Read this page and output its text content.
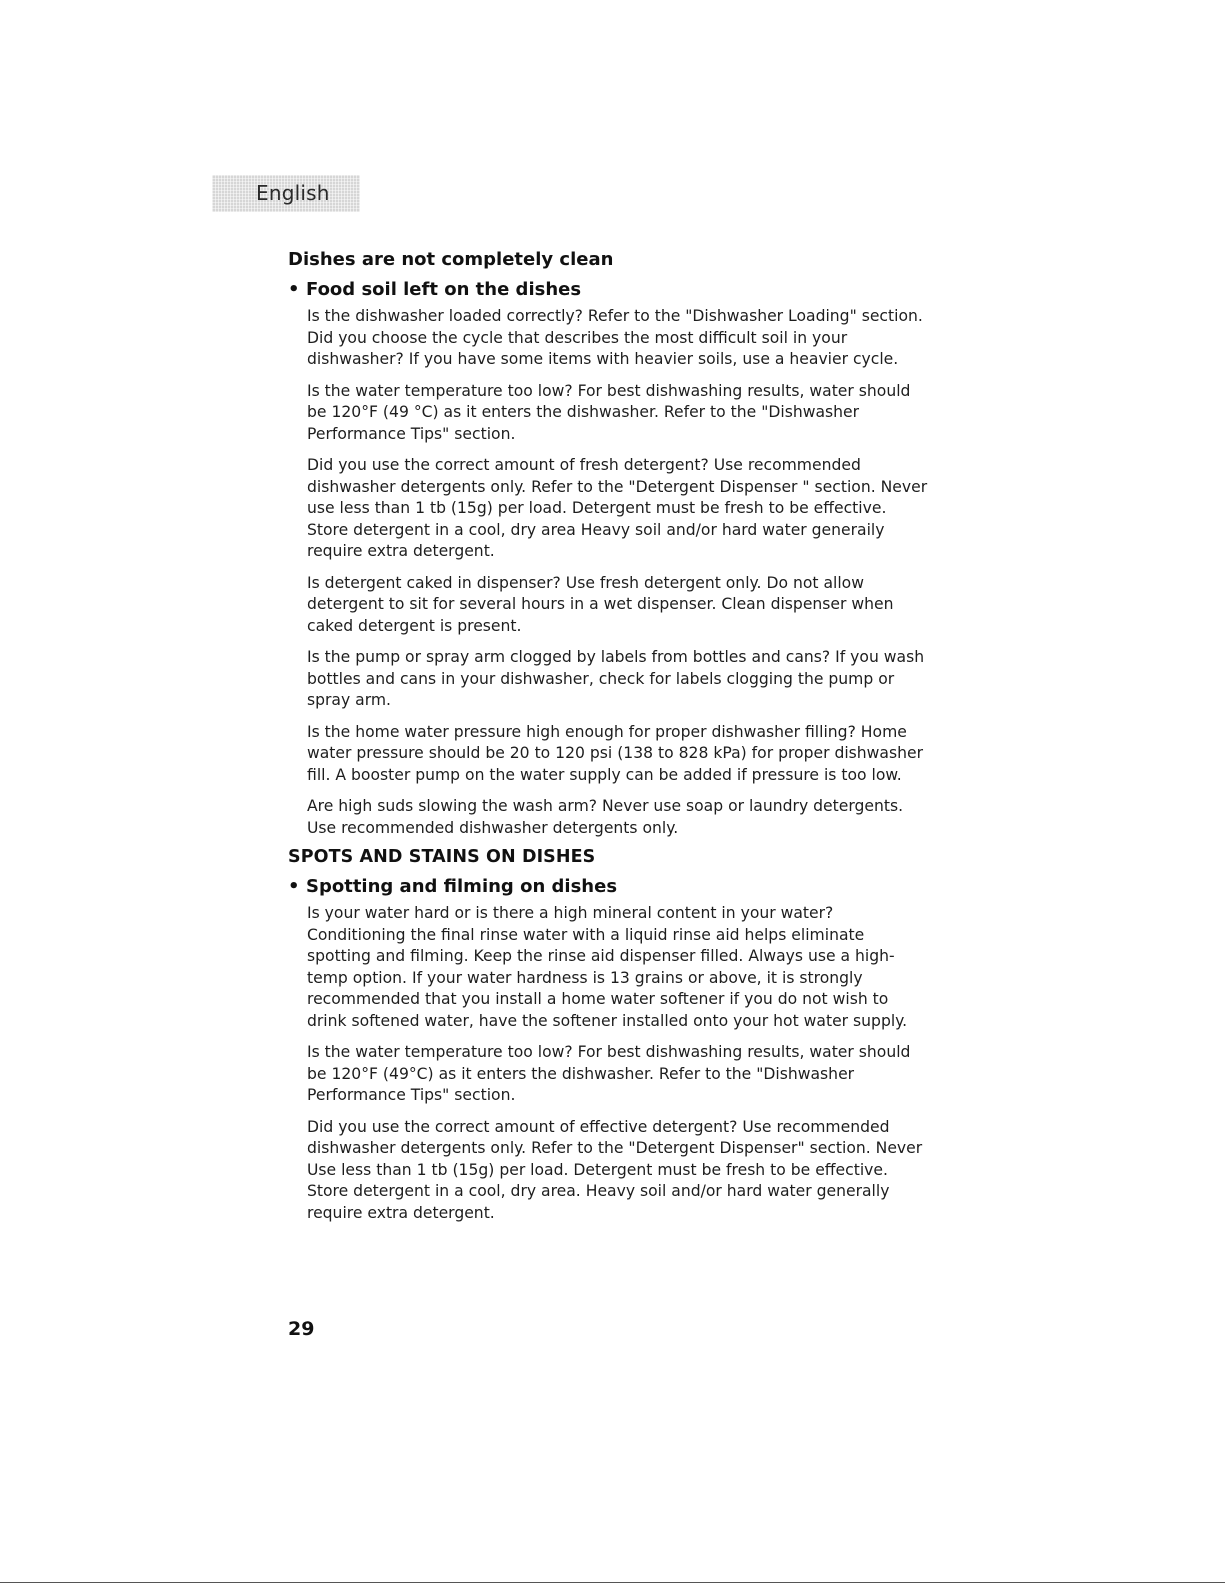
English
Dishes are not completely clean
• Food soil left on the dishes

Is the dishwasher loaded correctly? Refer to the "Dishwasher Loading" section. Did you choose the cycle that describes the most difficult soil in your dishwasher? If you have some items with heavier soils, use a heavier cycle.

Is the water temperature too low? For best dishwashing results, water should be 120°F (49 °C) as it enters the dishwasher. Refer to the "Dishwasher Performance Tips" section.

Did you use the correct amount of fresh detergent? Use recommended dishwasher detergents only. Refer to the "Detergent Dispenser " section. Never use less than 1 tb (15g) per load. Detergent must be fresh to be effective. Store detergent in a cool, dry area Heavy soil and/or hard water generaily require extra detergent.

Is detergent caked in dispenser? Use fresh detergent only. Do not allow detergent to sit for several hours in a wet dispenser. Clean dispenser when caked detergent is present.

Is the pump or spray arm clogged by labels from bottles and cans? If you wash bottles and cans in your dishwasher, check for labels clogging the pump or spray arm.

Is the home water pressure high enough for proper dishwasher filling? Home water pressure should be 20 to 120 psi (138 to 828 kPa) for proper dishwasher fill. A booster pump on the water supply can be added if pressure is too low.

Are high suds slowing the wash arm? Never use soap or laundry detergents. Use recommended dishwasher detergents only.

SPOTS AND STAINS ON DISHES
• Spotting and filming on dishes

Is your water hard or is there a high mineral content in your water? Conditioning the final rinse water with a liquid rinse aid helps eliminate spotting and filming. Keep the rinse aid dispenser filled. Always use a high-temp option. If your water hardness is 13 grains or above, it is strongly recommended that you install a home water softener if you do not wish to drink softened water, have the softener installed onto your hot water supply.

Is the water temperature too low? For best dishwashing results, water should be 120°F (49°C) as it enters the dishwasher. Refer to the "Dishwasher Performance Tips" section.

Did you use the correct amount of effective detergent? Use recommended dishwasher detergents only. Refer to the "Detergent Dispenser" section. Never Use less than 1 tb (15g) per load. Detergent must be fresh to be effective. Store detergent in a cool, dry area. Heavy soil and/or hard water generally require extra detergent.

29
